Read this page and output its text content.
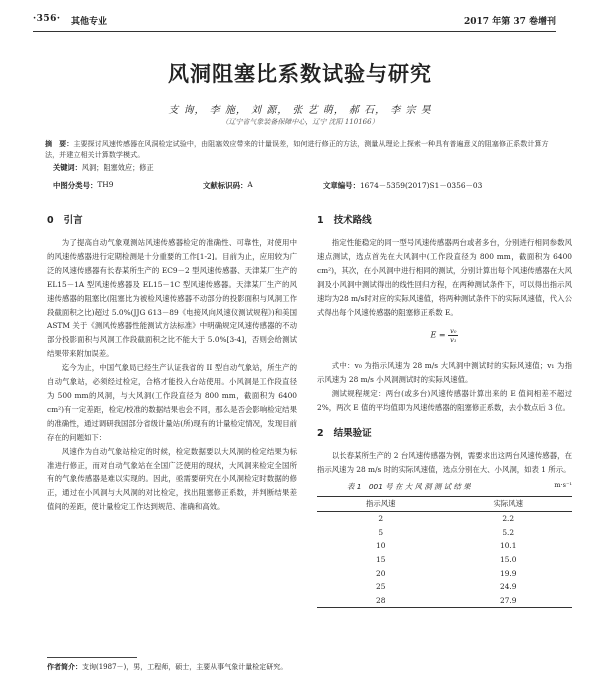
·356· 其他专业	2017 年第 37 卷增刊
风洞阻塞比系数试验与研究
支 询， 李 施， 刘 源， 张 艺 萌， 郝 石， 李 宗 昊
（辽宁省气象装备保障中心，辽宁 沈阳 110166）
摘　要：主要探讨风速传感器在风洞检定试验中，由阻塞效应带来的计量误差，如何进行修正的方法，测量从理论上探索一种具有普遍意义的阻塞修正系数计算方法，并建立相关计算数学模式。
关键词：风洞；阻塞效应；修正
中图分类号： TH9	文献标识码： A	文章编号： 1674－5359(2017)S1－0356－03
0 引言

为了提高自动气象观测站风速传感器检定的准确性、可靠性，对使用中的风速传感器进行定期检测是十分重要的工作[1-2]。目前为止，应用较为广泛的风速传感器有长春某所生产的 EC9－2 型风速传感器、天津某厂生产的 EL15－1A 型风速传感器及 EL15－1C 型风速传感器。天津某厂生产的风速传感器的阻塞比(阻塞比为被检风速传感器不动部分的投影面积与风洞工作段截面积之比)超过 5.0%(JJG 613－89《电接风向风速仪测试规程》)和美国 ASTM 关于《测风传感器性能测试方法标准》中明确规定风速传感器的不动部分投影面积与风洞工作段截面积之比不能大于 5.0%[3-4]，否则会给测试结果带来附加误差。

迄今为止，中国气象局已经生产认证我省的 II 型自动气象站，所生产的自动气象站，必须经过检定，合格才能投入台站使用。小风洞是工作段直径为 500 mm的风洞，与大风洞(工作段直径为 800 mm，截面积为 6400 cm²)有一定差距，检定/校准的数据结果也会不同，那么是否会影响检定结果的准确性，通过调研我国部分省级计量站(所)现有的计量检定情况，发现目前存在的问题如下：

风速作为自动气象站检定的时候，检定数据要以大风洞的检定结果为标准进行修正，而对自动气象站在全国广泛使用的现状，大风洞来检定全国所有的气象传感器是难以实现的。因此，亟需要研究在小风洞检定时数据的修正，通过在小风洞与大风洞的对比检定，找出阻塞修正系数，并判断结果差值间的差距，使计量检定工作达到规范、准确和高效。

1 技术路线

指定性能稳定的同一型号风速传感器两台或者多台，分别进行相同参数风速点测试，选点首先在大风洞中(工作段直径为 800 mm，截面积为 6400 cm²)，其次，在小风洞中进行相同的测试，分别计算出每个风速传感器在大风洞及小风洞中测试得出的线性回归方程，在两种测试条件下，可以得出指示风速均为28 m/s时对应的实际风速值，将两种测试条件下的实际风速值，代入公式得出每个风速传感器的阻塞修正系数 E。

$E = \frac{\text{v₀}}{\text{v₁}}$

式中：v₀ 为指示风速为 28 m/s 大风洞中测试时的实际风速值；v₁ 为指示风速为 28 m/s 小风洞测试时的实际风速值。

测试规程规定：两台(或多台)风速传感器计算出来的 E 值间相差不超过 2%，两次 E 值的平均值即为风速传感器的阻塞修正系数，去小数点后 3 位。

2 结果验证

以长春某所生产的 2 台风速传感器为例，需要求出这两台风速传感器，在指示风速为 28 m/s 时的实际风速值，选点分别在大、小风洞，如表 1 所示。

表 1　001 号 在 大 风 洞 测 试 结 果	m·s⁻¹
指示风速	实际风速
2	2.2
5	5.2
10	10.1
15	15.0
20	19.9
25	24.9
28	27.9
作者简介：支询(1987－)，男，工程师，硕士，主要从事气象计量检定研究。
